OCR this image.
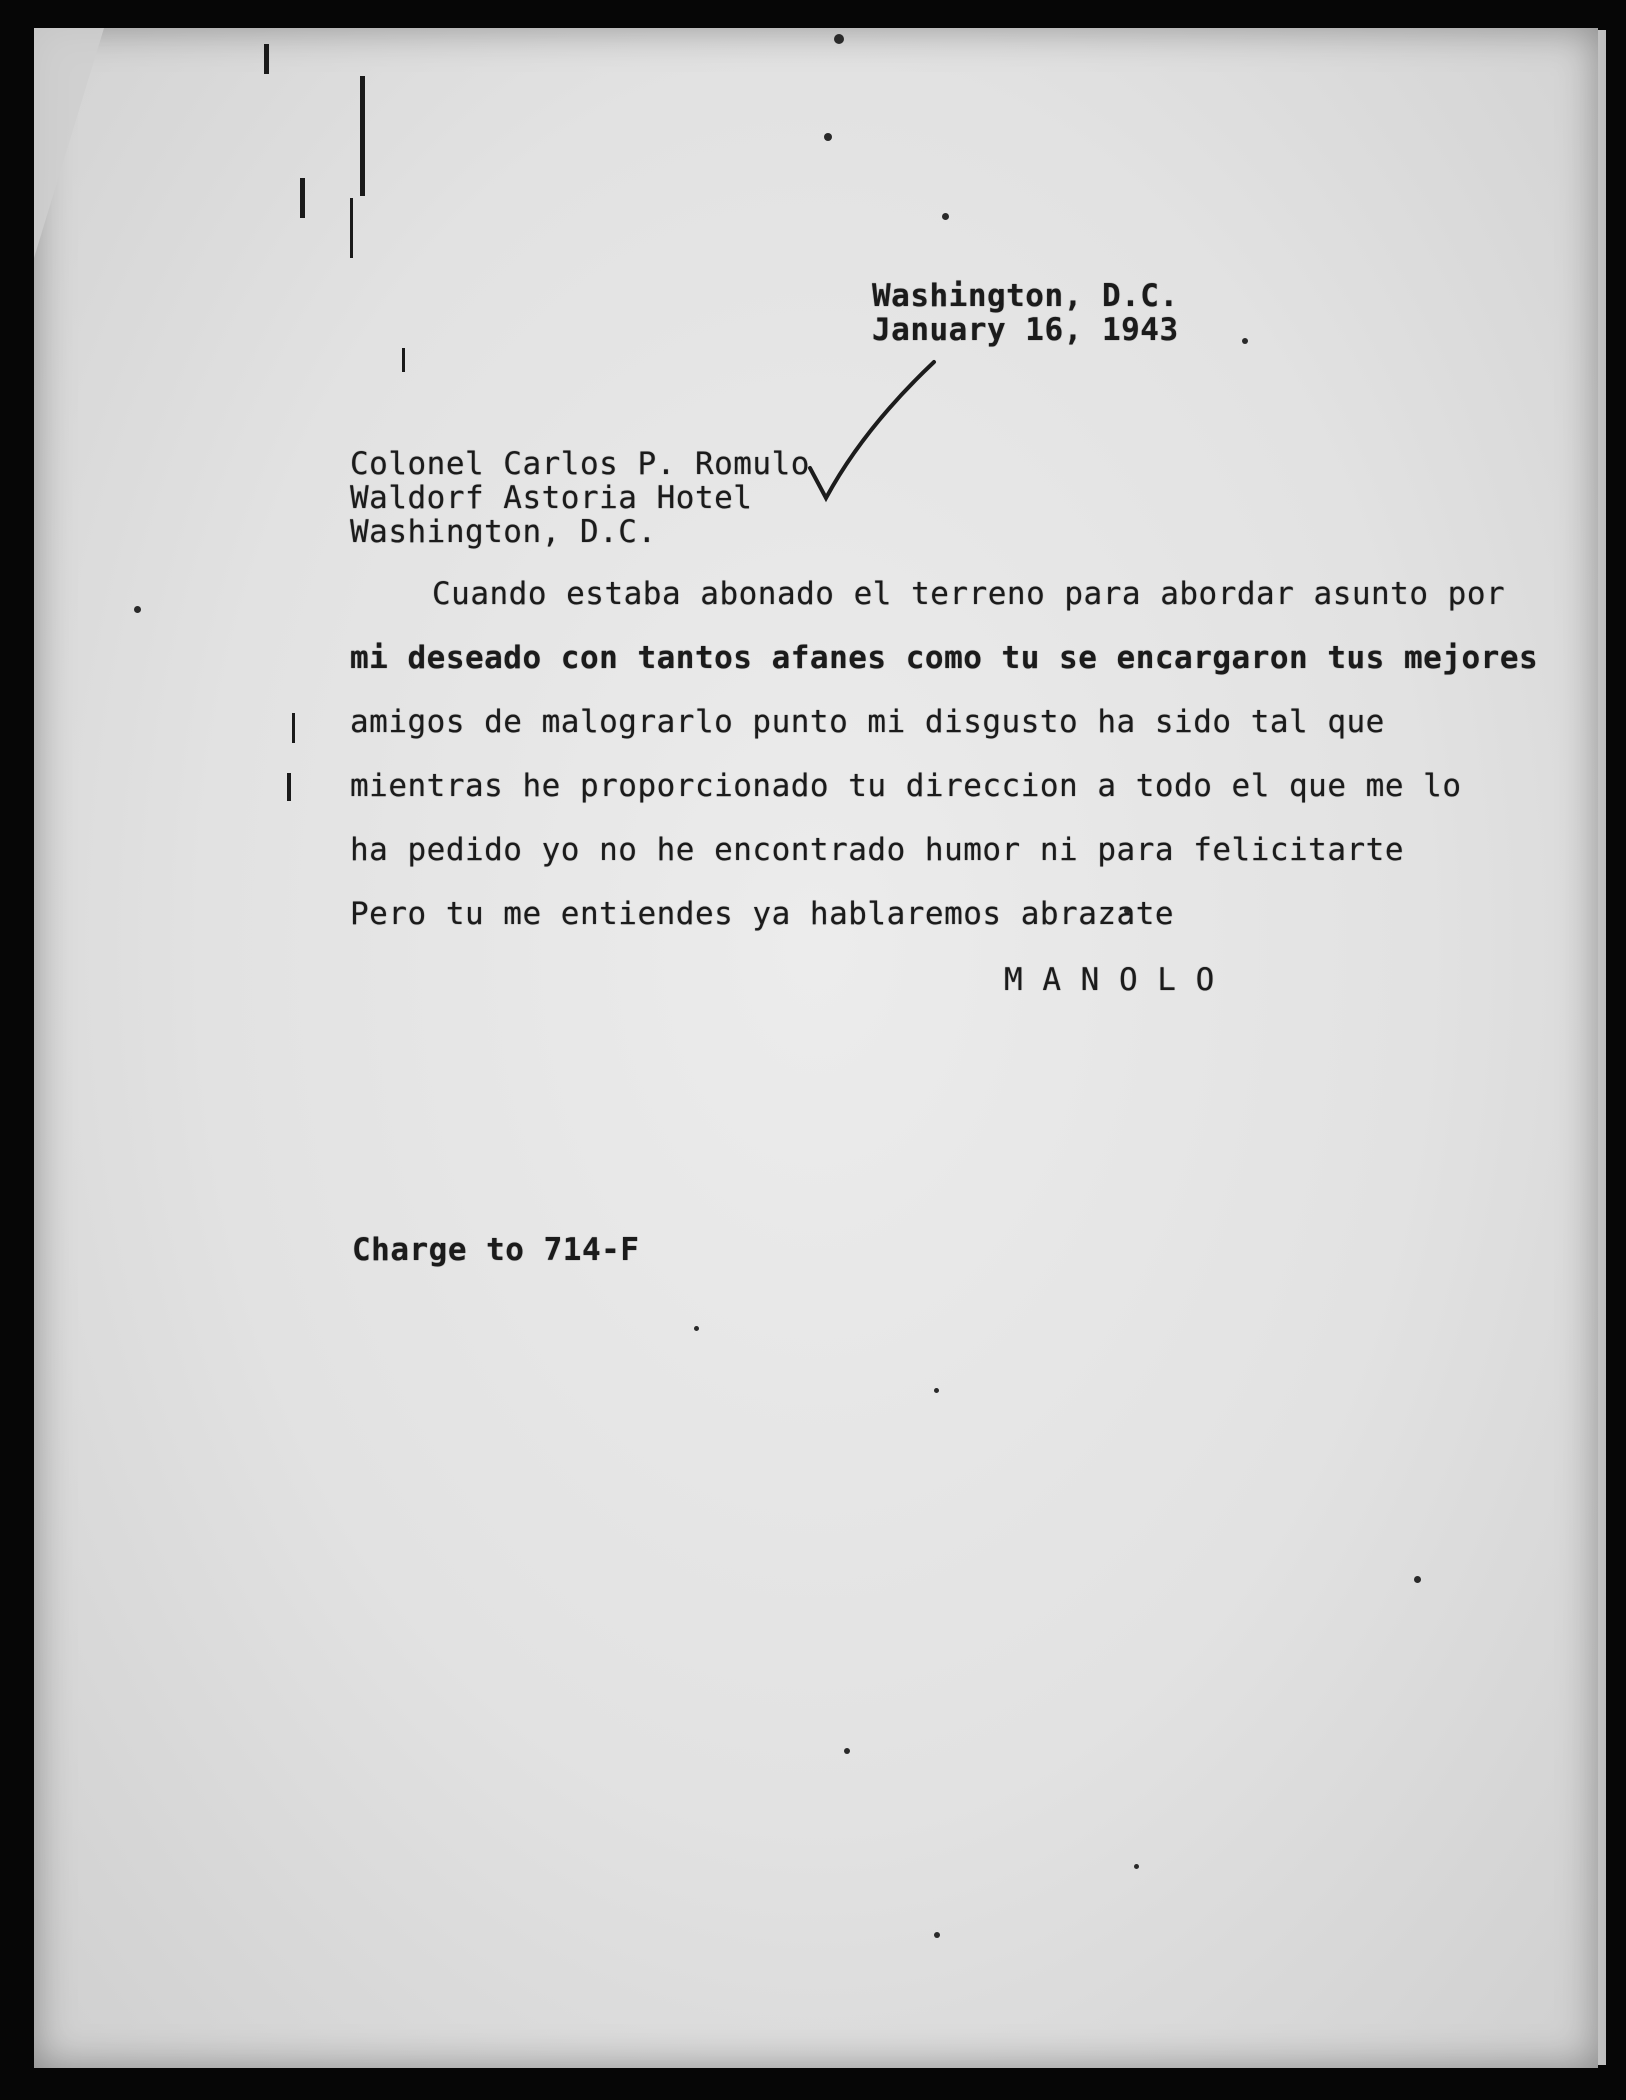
Washington, D.C.
January 16, 1943
Colonel Carlos P. Romulo
Waldorf Astoria Hotel
Washington, D.C.
Cuando estaba abonado el terreno para abordar asunto por
mi deseado con tantos afanes como tu se encargaron tus mejores
amigos de malograrlo punto mi disgusto ha sido tal que
mientras he proporcionado tu direccion a todo el que me lo
ha pedido yo no he encontrado humor ni para felicitarte
Pero tu me entiendes ya hablaremos abrazate
M A N O L O
Charge to 714-F
